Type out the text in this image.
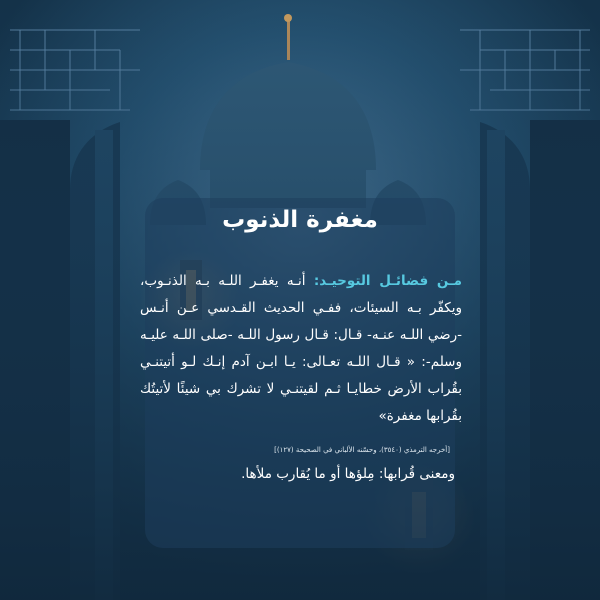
مغفرة الذنوب
مـن فضائـل التوحيـد: أنـه يغفـر اللـه بـه الذنـوب، ويكفّر بـه السيئات، ففـي الحديث القـدسي عـن أنـس -رضي اللـه عنـه- قـال: قـال رسول اللـه -صلى اللـه عليـه وسلم-: « قـال اللـه تعـالى: يـا ابـن آدم إنـك لـو أتيتنـي بقُراب الأرض خطايـا ثـم لقيتنـي لا تشرك بي شيئًا لأتيتُك بقُرابها مغفرة»
[أخرجه الترمذي (٣٥٤٠)، وحسّنه الألباني في الصحيحة (١٢٧)]
ومعنى قُرابها: مِلؤها أو ما يُقارب ملأها.
